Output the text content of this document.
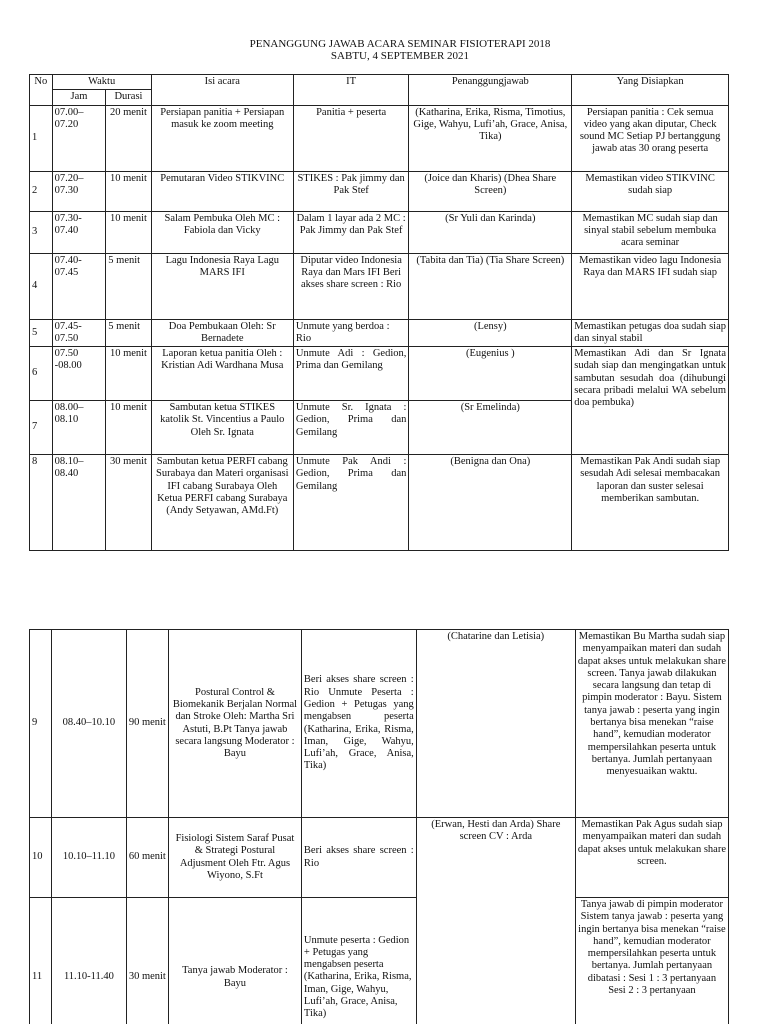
PENANGGUNG JAWAB ACARA SEMINAR FISIOTERAPI 2018
SABTU, 4 SEPTEMBER 2021
No	Waktu		Isi acara	IT	Penanggungjawab	Yang Disiapkan
	Jam	Durasi				
1	07.00–07.20	20 menit	Persiapan panitia + Persiapan masuk ke zoom meeting	Panitia + peserta	(Katharina, Erika, Risma, Timotius, Gige, Wahyu, Lufi’ah, Grace, Anisa, Tika)	Persiapan panitia : Cek semua video yang akan diputar, Check sound MC Setiap PJ bertanggung jawab atas 30 orang peserta
2	07.20–07.30	10 menit	Pemutaran Video STIKVINC	STIKES : Pak jimmy dan Pak Stef	(Joice dan Kharis) (Dhea Share Screen)	Memastikan video STIKVINC sudah siap
3	07.30-07.40	10 menit	Salam Pembuka Oleh MC : Fabiola dan Vicky	Dalam 1 layar ada 2 MC : Pak Jimmy dan Pak Stef	(Sr Yuli dan Karinda)	Memastikan MC sudah siap dan sinyal stabil sebelum membuka acara seminar
4	07.40-07.45	5 menit	Lagu Indonesia Raya Lagu MARS IFI	Diputar video Indonesia Raya dan Mars IFI Beri akses share screen : Rio	(Tabita dan Tia) (Tia Share Screen)	Memastikan video lagu Indonesia Raya dan MARS IFI sudah siap
5	07.45-07.50	5 menit	Doa Pembukaan Oleh: Sr Bernadete	Unmute yang berdoa : Rio	(Lensy)	Memastikan petugas doa sudah siap dan sinyal stabil
6	07.50 -08.00	10 menit	Laporan ketua panitia Oleh : Kristian Adi Wardhana Musa	Unmute Adi : Gedion, Prima dan Gemilang	(Eugenius )	Memastikan Adi dan Sr Ignata sudah siap dan mengingatkan untuk sambutan sesudah doa (dihubungi secara pribadi melalui WA sebelum doa pembuka)
7	08.00–08.10	10 menit	Sambutan ketua STIKES katolik St. Vincentius a Paulo Oleh Sr. Ignata	Unmute Sr. Ignata : Gedion, Prima dan Gemilang	(Sr Emelinda)	
8	08.10–08.40	30 menit	Sambutan ketua PERFI cabang Surabaya dan Materi organisasi IFI cabang Surabaya Oleh Ketua PERFI cabang Surabaya (Andy Setyawan, AMd.Ft)	Unmute Pak Andi : Gedion, Prima dan Gemilang	(Benigna dan Ona)	Memastikan Pak Andi sudah siap sesudah Adi selesai membacakan laporan dan suster selesai memberikan sambutan.
9	08.40–10.10	90 menit	Postural Control & Biomekanik Berjalan Normal dan Stroke Oleh: Martha Sri Astuti, B.Pt Tanya jawab secara langsung Moderator : Bayu	Beri akses share screen : Rio Unmute Peserta : Gedion + Petugas yang mengabsen peserta (Katharina, Erika, Risma, Iman, Gige, Wahyu, Lufi’ah, Grace, Anisa, Tika)	(Chatarine dan Letisia)	Memastikan Bu Martha sudah siap menyampaikan materi dan sudah dapat akses untuk melakukan share screen. Tanya jawab dilakukan secara langsung dan tetap di pimpin moderator : Bayu. Sistem tanya jawab : peserta yang ingin bertanya bisa menekan “raise hand”, kemudian moderator mempersilahkan peserta untuk bertanya. Jumlah pertanyaan menyesuaikan waktu.
10	10.10–11.10	60 menit	Fisiologi Sistem Saraf Pusat & Strategi Postural Adjusment Oleh Ftr. Agus Wiyono, S.Ft	Beri akses share screen : Rio	(Erwan, Hesti dan Arda) Share screen CV : Arda	Memastikan Pak Agus sudah siap menyampaikan materi dan sudah dapat akses untuk melakukan share screen.
11	11.10-11.40	30 menit	Tanya jawab Moderator : Bayu	Unmute peserta : Gedion + Petugas yang mengabsen peserta (Katharina, Erika, Risma, Iman, Gige, Wahyu, Lufi’ah, Grace, Anisa, Tika)		Tanya jawab di pimpin moderator Sistem tanya jawab : peserta yang ingin bertanya bisa menekan “raise hand”, kemudian moderator mempersilahkan peserta untuk bertanya. Jumlah pertanyaan dibatasi : Sesi 1 : 3 pertanyaan Sesi 2 : 3 pertanyaan
